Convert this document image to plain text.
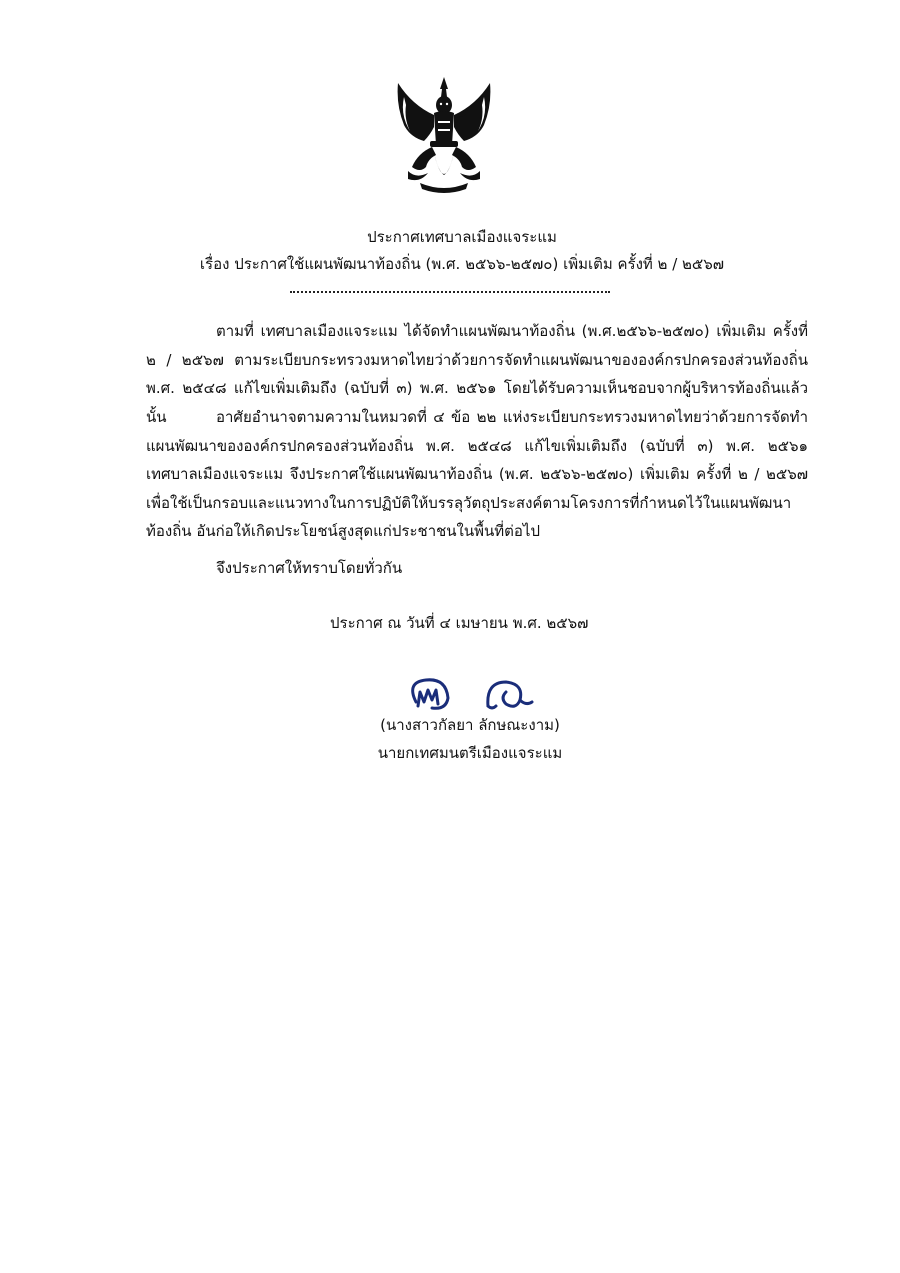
ประกาศเทศบาลเมืองแจระแม
เรื่อง ประกาศใช้แผนพัฒนาท้องถิ่น (พ.ศ. ๒๕๖๖-๒๕๗๐) เพิ่มเติม ครั้งที่ ๒ / ๒๕๖๗
ตามที่ เทศบาลเมืองแจระแม ได้จัดทำแผนพัฒนาท้องถิ่น (พ.ศ.๒๕๖๖-๒๕๗๐) เพิ่มเติม ครั้งที่ ๒ / ๒๕๖๗ ตามระเบียบกระทรวงมหาดไทยว่าด้วยการจัดทำแผนพัฒนาขององค์กรปกครองส่วนท้องถิ่น พ.ศ. ๒๕๔๘ แก้ไขเพิ่มเติมถึง (ฉบับที่ ๓) พ.ศ. ๒๕๖๑ โดยได้รับความเห็นชอบจากผู้บริหารท้องถิ่นแล้ว นั้น	อาศัยอำนาจตามความในหมวดที่ ๔ ข้อ ๒๒ แห่งระเบียบกระทรวงมหาดไทยว่าด้วยการจัดทำแผนพัฒนาขององค์กรปกครองส่วนท้องถิ่น พ.ศ. ๒๕๔๘ แก้ไขเพิ่มเติมถึง (ฉบับที่ ๓) พ.ศ. ๒๕๖๑ เทศบาลเมืองแจระแม จึงประกาศใช้แผนพัฒนาท้องถิ่น (พ.ศ. ๒๕๖๖-๒๕๗๐) เพิ่มเติม ครั้งที่ ๒ / ๒๕๖๗ เพื่อใช้เป็นกรอบและแนวทางในการปฏิบัติให้บรรลุวัตถุประสงค์ตามโครงการที่กำหนดไว้ในแผนพัฒนาท้องถิ่น อันก่อให้เกิดประโยชน์สูงสุดแก่ประชาชนในพื้นที่ต่อไป
จึงประกาศให้ทราบโดยทั่วกัน
ประกาศ ณ วันที่ ๔ เมษายน พ.ศ. ๒๕๖๗
(นางสาวกัลยา ลักษณะงาม)
นายกเทศมนตรีเมืองแจระแม
